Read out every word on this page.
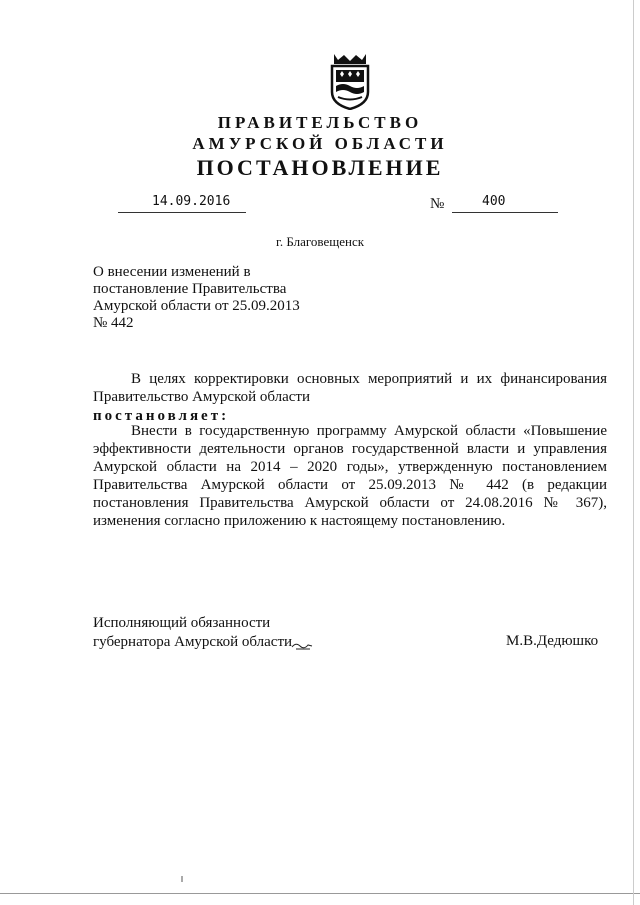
ПРАВИТЕЛЬСТВО
АМУРСКОЙ ОБЛАСТИ
ПОСТАНОВЛЕНИЕ
14.09.2016	№	400
г. Благовещенск
О внесении изменений в
постановление Правительства
Амурской области от 25.09.2013
№ 442
В целях корректировки основных мероприятий и их финансирования Правительство Амурской области
постановляет:
Внести в государственную программу Амурской области «Повышение эффективности деятельности органов государственной власти и управления Амурской области на 2014 – 2020 годы», утвержденную постановлением Правительства Амурской области от 25.09.2013 № 442 (в редакции постановления Правительства Амурской области от 24.08.2016 № 367), изменения согласно приложению к настоящему постановлению.
Исполняющий обязанности
губернатора Амурской области	М.В.Дедюшко
